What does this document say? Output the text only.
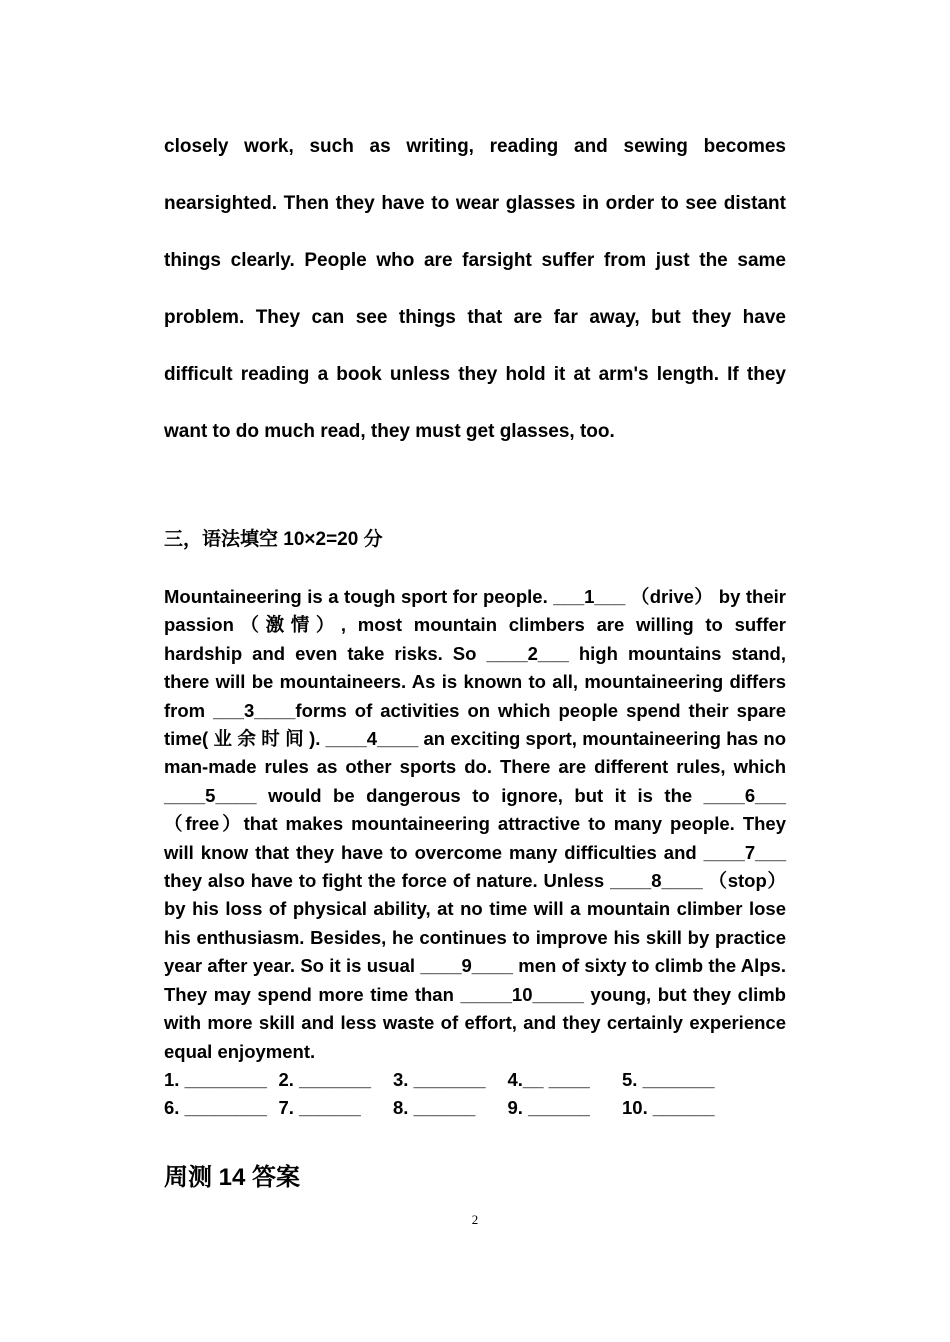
closely work, such as writing, reading and sewing becomes nearsighted. Then they have to wear glasses in order to see distant things clearly. People who are farsight suffer from just the same problem. They can see things that are far away, but they have difficult reading a book unless they hold it at arm's length. If they want to do much read, they must get glasses, too.

三，语法填空 10×2=20 分

Mountaineering is a tough sport for people. ___1___ （drive） by their passion（激情）, most mountain climbers are willing to suffer hardship and even take risks. So ____2___ high mountains stand, there will be mountaineers. As is known to all, mountaineering differs from ___3____forms of activities on which people spend their spare time( 业 余 时 间 ). ____4____ an exciting sport, mountaineering has no man-made rules as other sports do. There are different rules, which ____5____ would be dangerous to ignore, but it is the ____6___ （free）that makes mountaineering attractive to many people. They will know that they have to overcome many difficulties and ____7___ they also have to fight the force of nature. Unless ____8____ （stop）by his loss of physical ability, at no time will a mountain climber lose his enthusiasm. Besides, he continues to improve his skill by practice year after year. So it is usual ____9____ men of sixty to climb the Alps. They may spend more time than _____10_____ young, but they climb with more skill and less waste of effort, and they certainly experience equal enjoyment.

1. ________ 2. _______	3. _______	4.__ ____	5. _______
6. ________ 7. ______	8. ______	9. ______	10. ______
周测 14 答案
2
